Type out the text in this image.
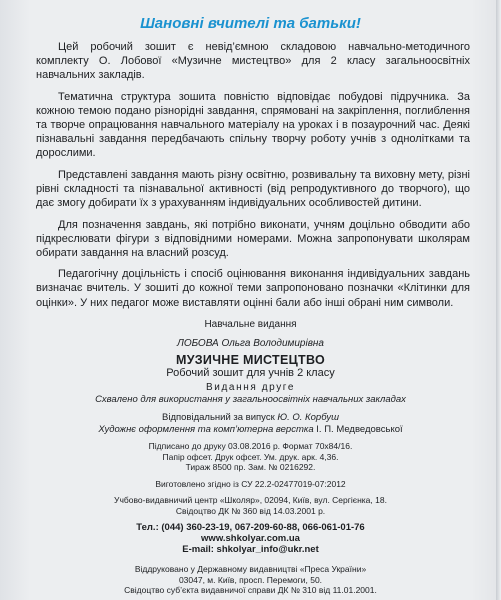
Шановні вчителі та батьки!

Цей робочий зошит є невід’ємною складовою навчально-методичного комплекту О. Лобової «Музичне мистецтво» для 2 класу загальноосвітніх навчальних закладів.

Тематична структура зошита повністю відповідає побудові підручника. За кожною темою подано різнорідні завдання, спрямовані на закріплення, поглиблення та творче опрацювання навчального матеріалу на уроках і в позаурочний час. Деякі пізнавальні завдання передбачають спільну творчу роботу учнів з однолітками та дорослими.

Представлені завдання мають різну освітню, розвивальну та виховну мету, різні рівні складності та пізнавальної активності (від репродуктивного до творчого), що дає змогу добирати їх з урахуванням індивідуальних особливостей дитини.

Для позначення завдань, які потрібно виконати, учням доцільно обводити або підкреслювати фігури з відповідними номерами. Можна запропонувати школярам обирати завдання на власний розсуд.

Педагогічну доцільність і спосіб оцінювання виконання індивідуальних завдань визначає вчитель. У зошиті до кожної теми запропоновано позначки «Клітинки для оцінки». У них педагог може виставляти оцінні бали або інші обрані ним символи.

Навчальне видання
ЛОБОВА Ольга Володимирівна
МУЗИЧНЕ МИСТЕЦТВО
Робочий зошит для учнів 2 класу
Видання друге
Схвалено для використання у загальноосвітніх навчальних закладах
Відповідальний за випуск Ю. О. Корбуш
Художнє оформлення та комп’ютерна верстка І. П. Медведовської
Підписано до друку 03.08.2016 р. Формат 70х84/16.
Папір офсет. Друк офсет. Ум. друк. арк. 4,36.
Тираж 8500 пр. Зам. № 0216292.
Виготовлено згідно із СУ 22.2-02477019-07:2012
Учбово-видавничий центр «Школяр», 02094, Київ, вул. Сергієнка, 18.
Свідоцтво ДК № 360 від 14.03.2001 р.
Тел.: (044) 360-23-19, 067-209-60-88, 066-061-01-76
www.shkolyar.com.ua
E-mail: shkolyar_info@ukr.net
Віддруковано у Державному видавництві «Преса України»
03047, м. Київ, просп. Перемоги, 50.
Свідоцтво суб’єкта видавничої справи ДК № 310 від 11.01.2001.
